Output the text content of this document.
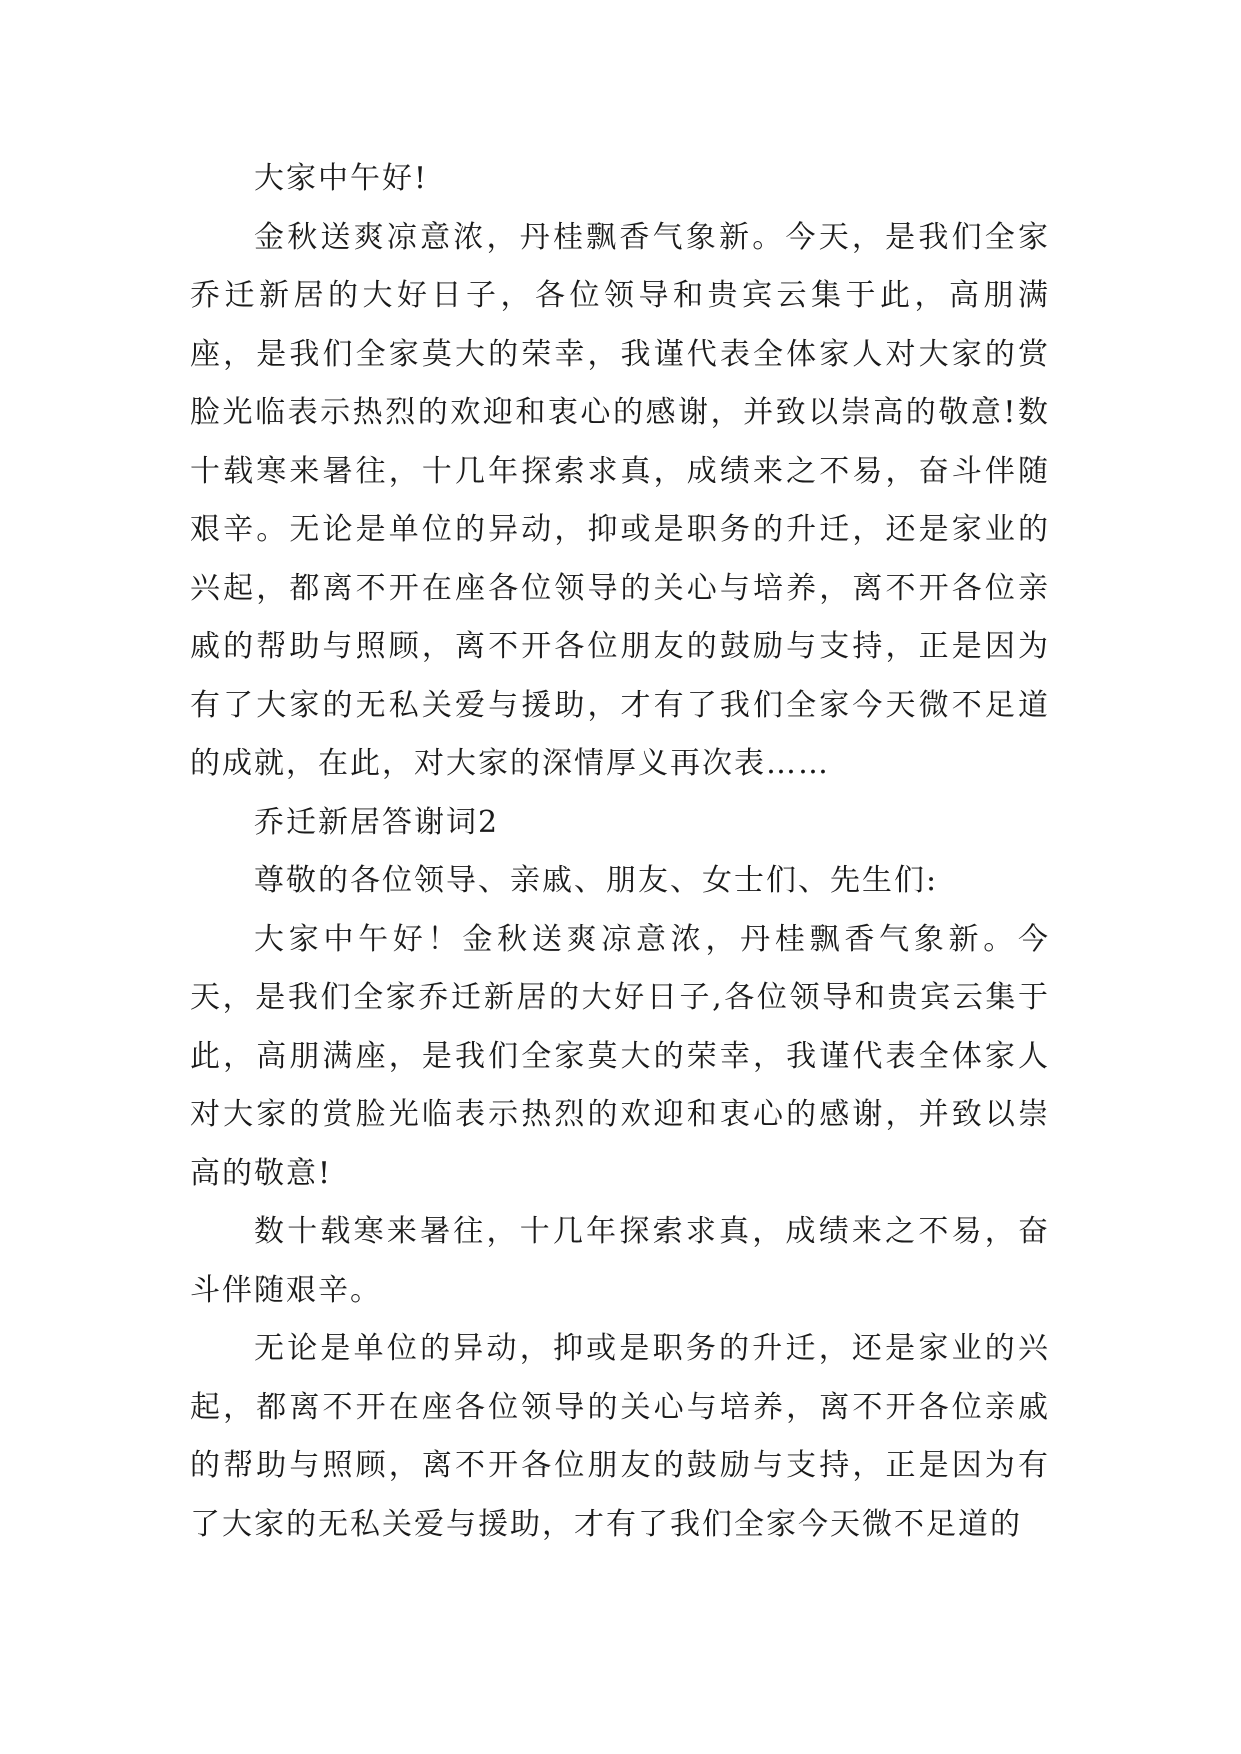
大家中午好!

金秋送爽凉意浓，丹桂飘香气象新。今天，是我们全家乔迁新居的大好日子，各位领导和贵宾云集于此，高朋满座，是我们全家莫大的荣幸，我谨代表全体家人对大家的赏脸光临表示热烈的欢迎和衷心的感谢，并致以崇高的敬意!数十载寒来暑往，十几年探索求真，成绩来之不易，奋斗伴随艰辛。无论是单位的异动，抑或是职务的升迁，还是家业的兴起，都离不开在座各位领导的关心与培养，离不开各位亲戚的帮助与照顾，离不开各位朋友的鼓励与支持，正是因为有了大家的无私关爱与援助，才有了我们全家今天微不足道的成就，在此，对大家的深情厚义再次表……

乔迁新居答谢词2

尊敬的各位领导、亲戚、朋友、女士们、先生们:

大家中午好！金秋送爽凉意浓，丹桂飘香气象新。今天，是我们全家乔迁新居的大好日子,各位领导和贵宾云集于此，高朋满座，是我们全家莫大的荣幸，我谨代表全体家人对大家的赏脸光临表示热烈的欢迎和衷心的感谢，并致以崇高的敬意!

数十载寒来暑往，十几年探索求真，成绩来之不易，奋斗伴随艰辛。

无论是单位的异动，抑或是职务的升迁，还是家业的兴起，都离不开在座各位领导的关心与培养，离不开各位亲戚的帮助与照顾，离不开各位朋友的鼓励与支持，正是因为有了大家的无私关爱与援助，才有了我们全家今天微不足道的
